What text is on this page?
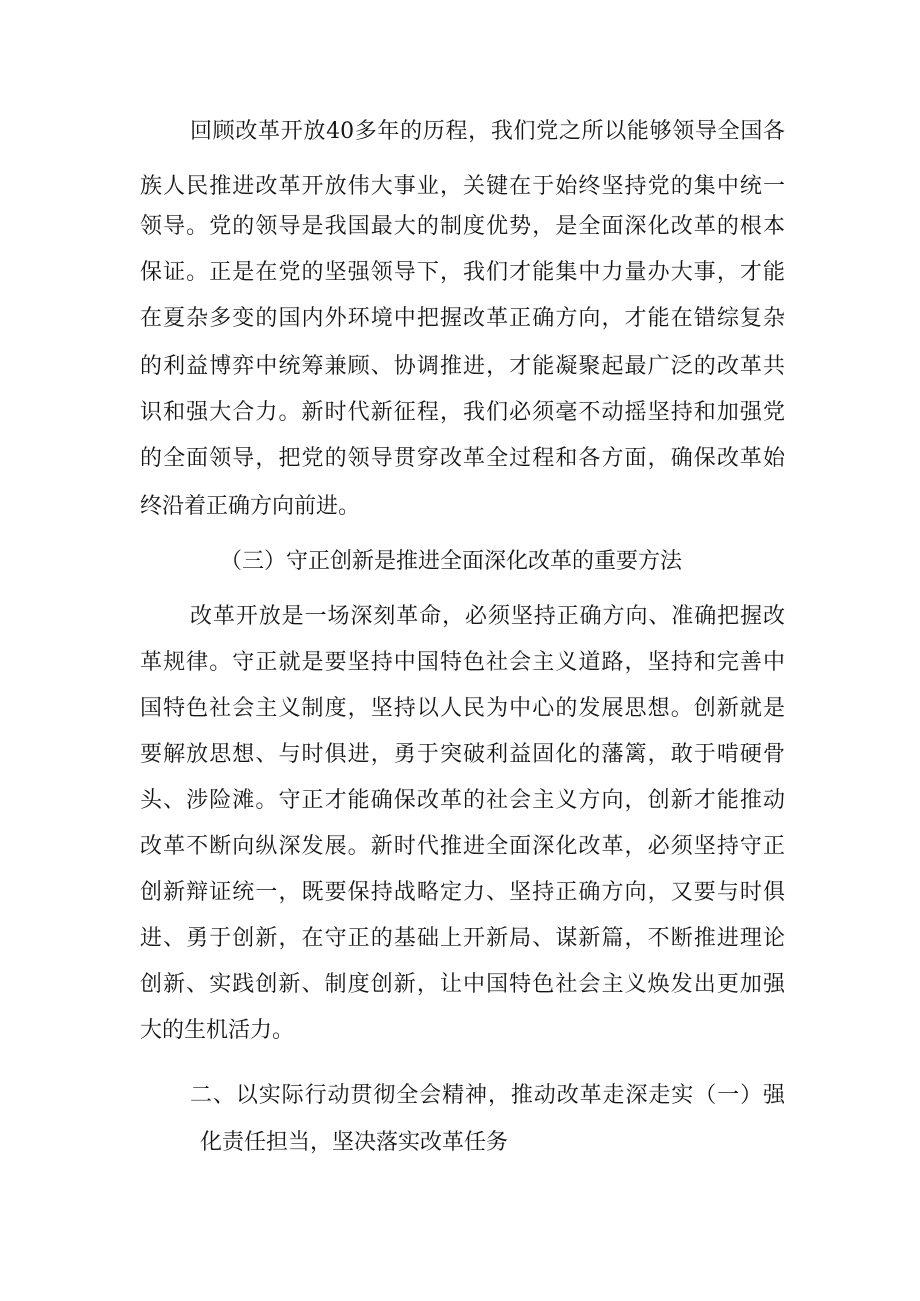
回顾改革开放40多年的历程，我们党之所以能够领导全国各
族人民推进改革开放伟大事业，关键在于始终坚持党的集中统一
领导。党的领导是我国最大的制度优势，是全面深化改革的根本
保证。正是在党的坚强领导下，我们才能集中力量办大事，才能
在夏杂多变的国内外环境中把握改革正确方向，才能在错综复杂
的利益博弈中统筹兼顾、协调推进，才能凝聚起最广泛的改革共
识和强大合力。新时代新征程，我们必须毫不动摇坚持和加强党
的全面领导，把党的领导贯穿改革全过程和各方面，确保改革始
终沿着正确方向前进。
（三）守正创新是推进全面深化改革的重要方法
改革开放是一场深刻革命，必须坚持正确方向、准确把握改
革规律。守正就是要坚持中国特色社会主义道路，坚持和完善中
国特色社会主义制度，坚持以人民为中心的发展思想。创新就是
要解放思想、与时俱进，勇于突破利益固化的藩篱，敢于啃硬骨
头、涉险滩。守正才能确保改革的社会主义方向，创新才能推动
改革不断向纵深发展。新时代推进全面深化改革，必须坚持守正
创新辩证统一，既要保持战略定力、坚持正确方向，又要与时俱
进、勇于创新，在守正的基础上开新局、谋新篇，不断推进理论
创新、实践创新、制度创新，让中国特色社会主义焕发出更加强
大的生机活力。
二、以实际行动贯彻全会精神，推动改革走深走实（一）强
化责任担当，坚决落实改革任务
